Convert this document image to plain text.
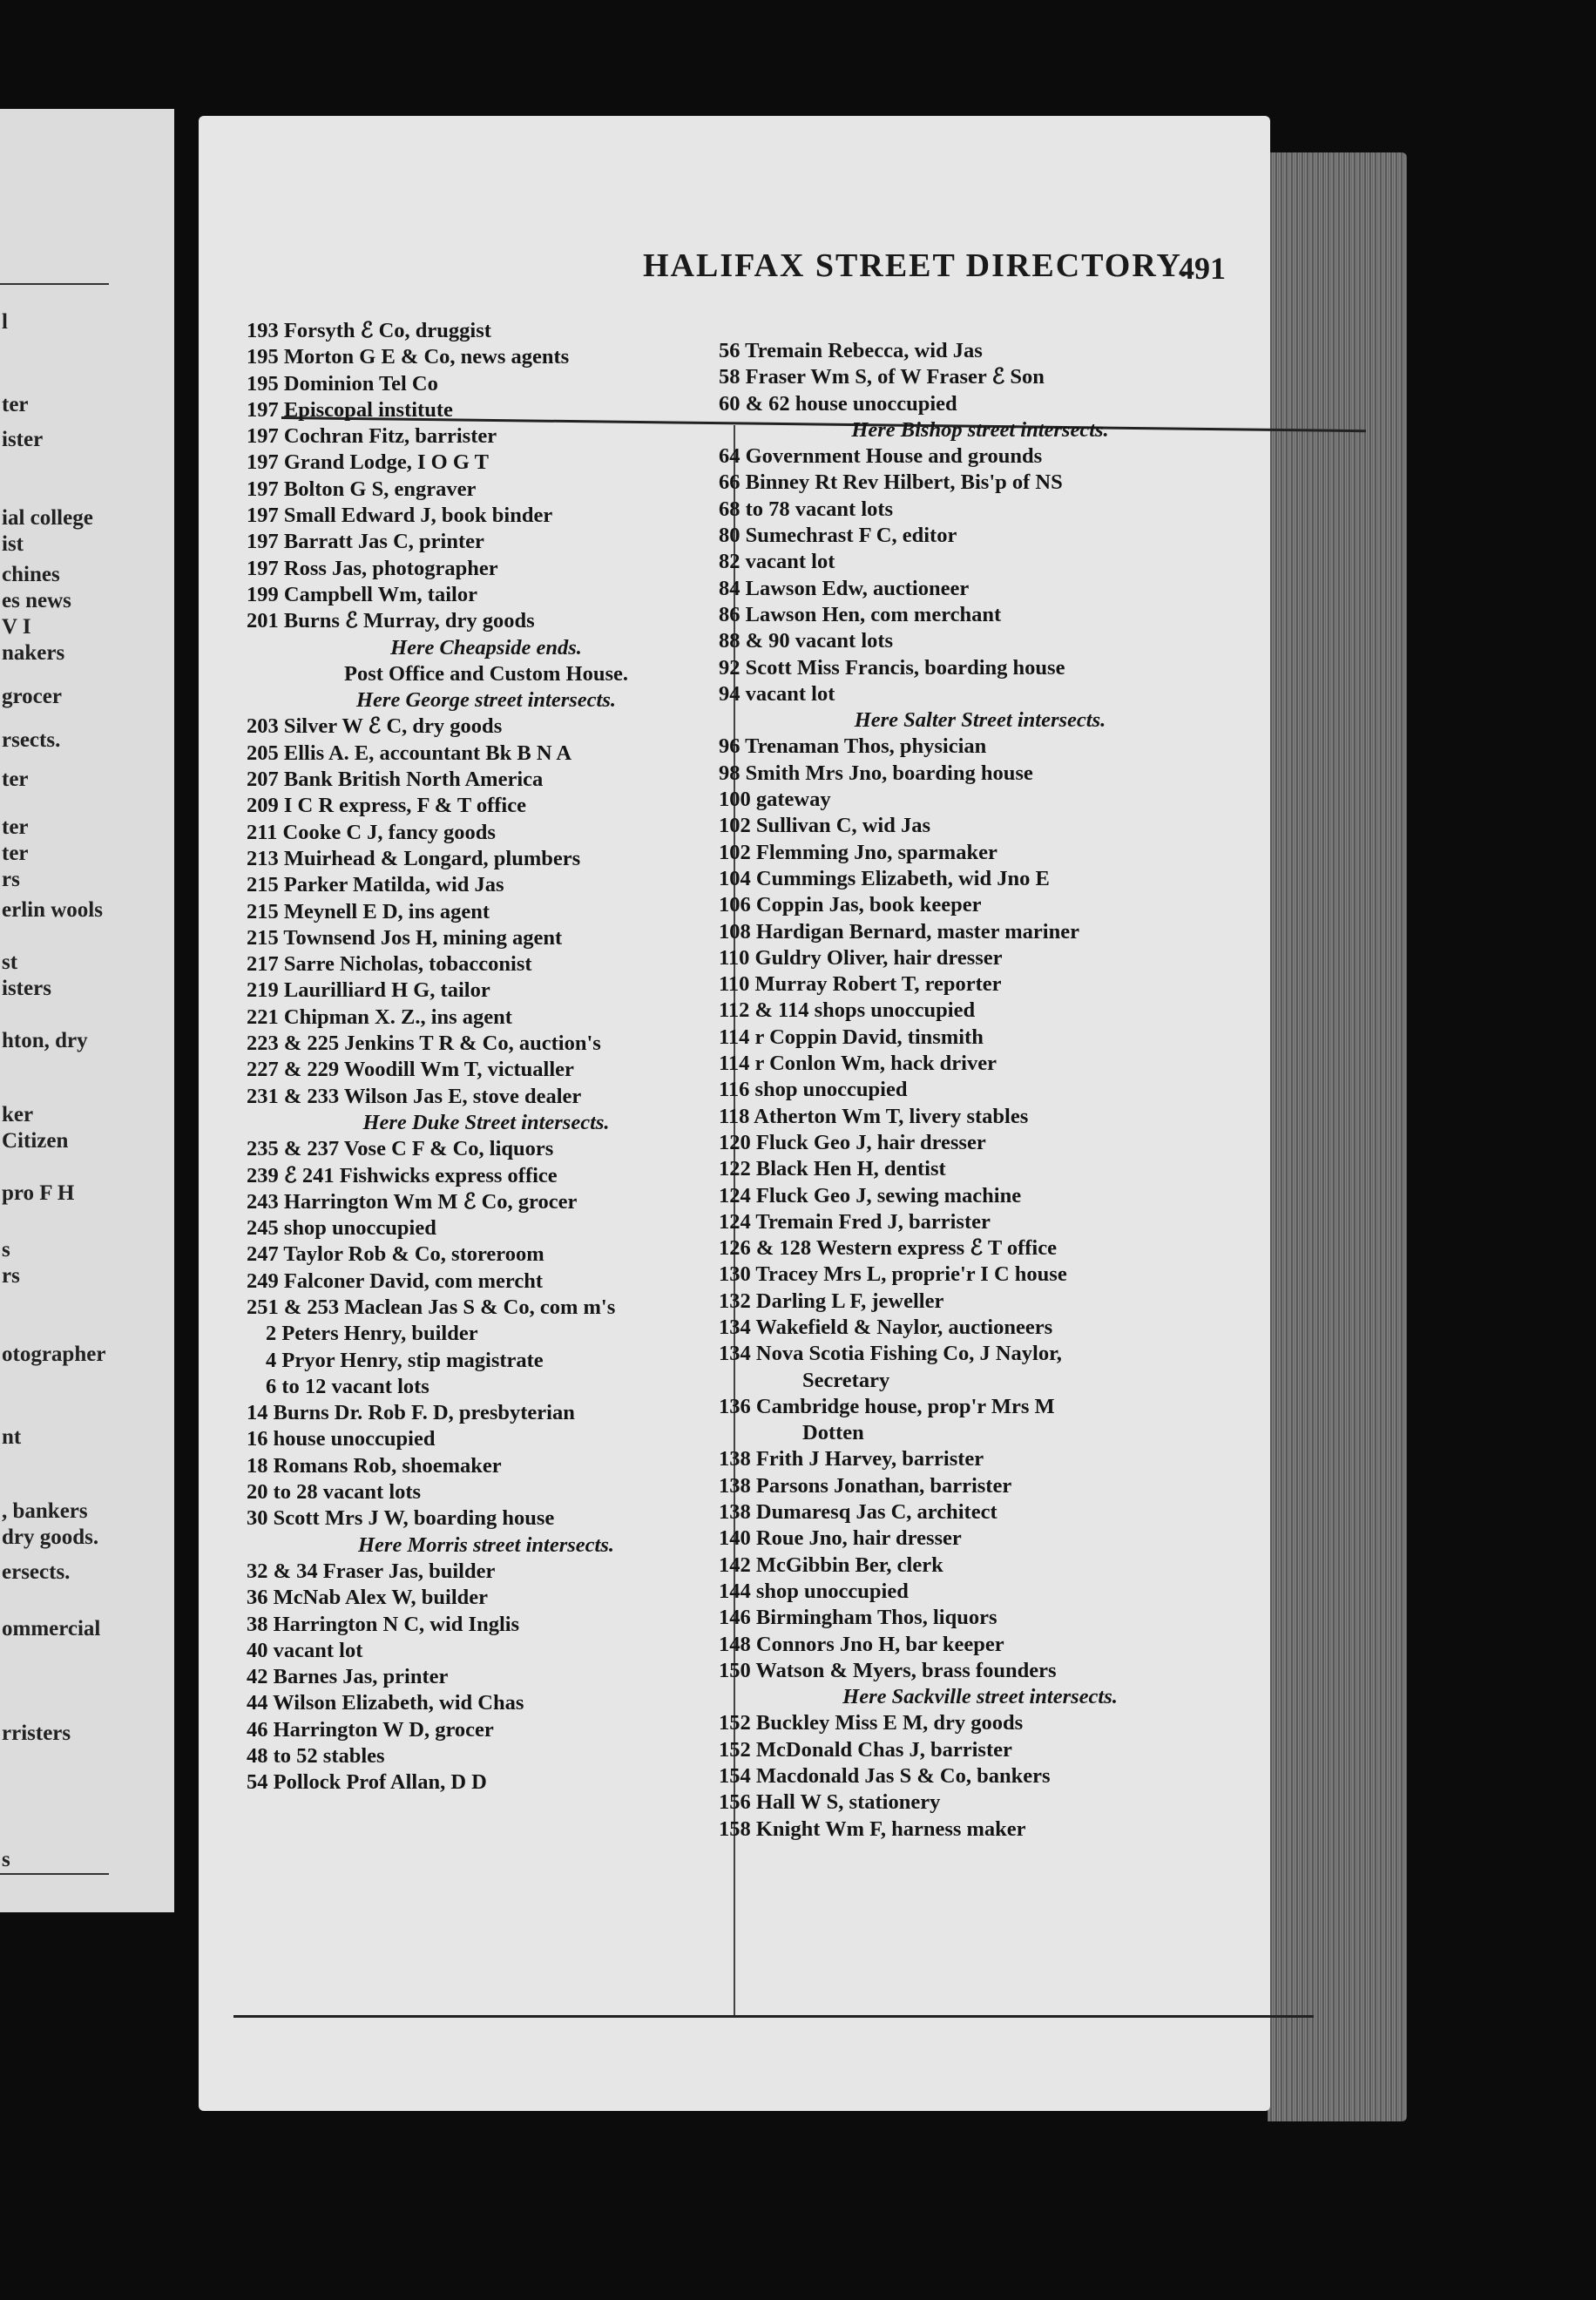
l
ter
ister
ial college
ist
chines
es news
V I
nakers
grocer
rsects.
ter
ter
ter
rs
erlin wools
st
isters
hton, dry
ker
Citizen
pro F H
s
rs
otographer
nt
, bankers
dry goods.
ersects.
ommercial
rristers
s
HALIFAX STREET DIRECTORY.
491
193 Forsyth ℰ Co, druggist
195 Morton G E & Co, news agents
195 Dominion Tel Co
197 Episcopal institute
197 Cochran Fitz, barrister
197 Grand Lodge, I O G T
197 Bolton G S, engraver
197 Small Edward J, book binder
197 Barratt Jas C, printer
197 Ross Jas, photographer
199 Campbell Wm, tailor
201 Burns ℰ Murray, dry goods
Here Cheapside ends.
Post Office and Custom House.
Here George street intersects.
203 Silver W ℰ C, dry goods
205 Ellis A. E, accountant Bk B N A
207 Bank British North America
209 I C R express, F & T office
211 Cooke C J, fancy goods
213 Muirhead & Longard, plumbers
215 Parker Matilda, wid Jas
215 Meynell E D, ins agent
215 Townsend Jos H, mining agent
217 Sarre Nicholas, tobacconist
219 Laurilliard H G, tailor
221 Chipman X. Z., ins agent
223 & 225 Jenkins T R & Co, auction's
227 & 229 Woodill Wm T, victualler
231 & 233 Wilson Jas E, stove dealer
Here Duke Street intersects.
235 & 237 Vose C F & Co, liquors
239 ℰ 241 Fishwicks express office
243 Harrington Wm M ℰ Co, grocer
245 shop unoccupied
247 Taylor Rob & Co, storeroom
249 Falconer David, com mercht
251 & 253 Maclean Jas S & Co, com m's
2 Peters Henry, builder
4 Pryor Henry, stip magistrate
6 to 12 vacant lots
14 Burns Dr. Rob F. D, presbyterian
16 house unoccupied
18 Romans Rob, shoemaker
20 to 28 vacant lots
30 Scott Mrs J W, boarding house
Here Morris street intersects.
32 & 34 Fraser Jas, builder
36 McNab Alex W, builder
38 Harrington N C, wid Inglis
40 vacant lot
42 Barnes Jas, printer
44 Wilson Elizabeth, wid Chas
46 Harrington W D, grocer
48 to 52 stables
54 Pollock Prof Allan, D D
56 Tremain Rebecca, wid Jas
58 Fraser Wm S, of W Fraser ℰ Son
60 & 62 house unoccupied
Here Bishop street intersects.
64 Government House and grounds
66 Binney Rt Rev Hilbert, Bis'p of NS
68 to 78 vacant lots
80 Sumechrast F C, editor
82 vacant lot
84 Lawson Edw, auctioneer
86 Lawson Hen, com merchant
88 & 90 vacant lots
92 Scott Miss Francis, boarding house
94 vacant lot
Here Salter Street intersects.
96 Trenaman Thos, physician
98 Smith Mrs Jno, boarding house
100 gateway
102 Sullivan C, wid Jas
102 Flemming Jno, sparmaker
104 Cummings Elizabeth, wid Jno E
106 Coppin Jas, book keeper
108 Hardigan Bernard, master mariner
110 Guldry Oliver, hair dresser
110 Murray Robert T, reporter
112 & 114 shops unoccupied
114 r Coppin David, tinsmith
114 r Conlon Wm, hack driver
116 shop unoccupied
118 Atherton Wm T, livery stables
120 Fluck Geo J, hair dresser
122 Black Hen H, dentist
124 Fluck Geo J, sewing machine
124 Tremain Fred J, barrister
126 & 128 Western express ℰ T office
130 Tracey Mrs L, proprie'r I C house
132 Darling L F, jeweller
134 Wakefield & Naylor, auctioneers
134 Nova Scotia Fishing Co, J Naylor,
Secretary
136 Cambridge house, prop'r Mrs M
Dotten
138 Frith J Harvey, barrister
138 Parsons Jonathan, barrister
138 Dumaresq Jas C, architect
140 Roue Jno, hair dresser
142 McGibbin Ber, clerk
144 shop unoccupied
146 Birmingham Thos, liquors
148 Connors Jno H, bar keeper
150 Watson & Myers, brass founders
Here Sackville street intersects.
152 Buckley Miss E M, dry goods
152 McDonald Chas J, barrister
154 Macdonald Jas S & Co, bankers
156 Hall W S, stationery
158 Knight Wm F, harness maker
